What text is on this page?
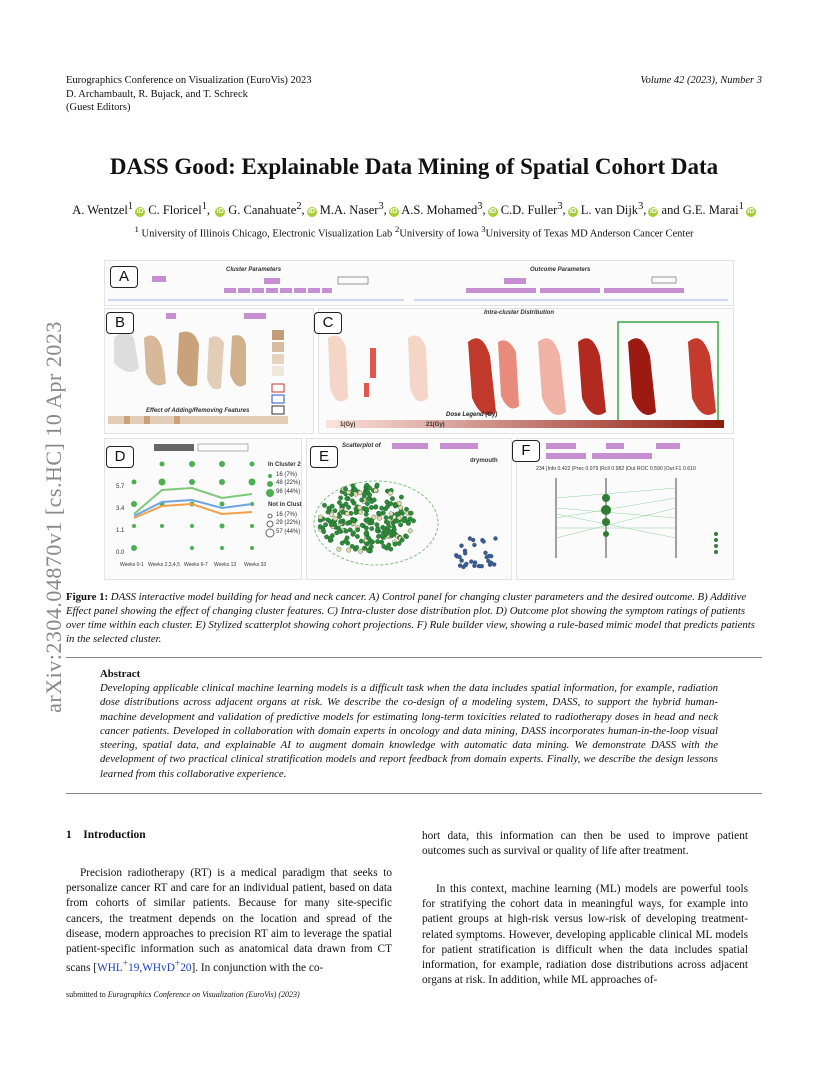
Eurographics Conference on Visualization (EuroVis) 2023
D. Archambault, R. Bujack, and T. Schreck
(Guest Editors)
Volume 42 (2023), Number 3
arXiv:2304.04870v1 [cs.HC] 10 Apr 2023
DASS Good: Explainable Data Mining of Spatial Cohort Data
A. Wentzel$^1$ iD C. Floricel$^1$, iD G. Canahuate$^2$, iD M.A. Naser$^3$, iD A.S. Mohamed$^3$, iD C.D. Fuller$^3$, iD L. van Dijk$^3$, iD and G.E. Marai$^1$ iD
$^1$ University of Illinois Chicago, Electronic Visualization Lab $^2$University of Iowa $^3$University of Texas MD Anderson Cancer Center
Cluster Parameters	Outcome Parameters
Effect of Adding/Removing Features
Intra-cluster Distribution
Dose Legend (Gy)
1(Gy)	21(Gy)
5.7
3.4
1.1
0.0
In Cluster 2
16 (7%)
48 (22%)
96 (44%)
Not in Clust
16 (7%)
29 (22%)
57 (44%)
Weeks 0-1 Weeks 2,3,4,5 Weeks 6-7 Weeks 13 Weeks 33
Scatterplot of
drymouth
234 |Info 0.422 |Prec 0.979 |Rcll 0.982 |Out ROC 0.590 |Out F1 0.610
A
B	C
D	E	F
Figure 1: DASS interactive model building for head and neck cancer. A) Control panel for changing cluster parameters and the desired outcome. B) Additive Effect panel showing the effect of changing cluster features. C) Intra-cluster dose distribution plot. D) Outcome plot showing the symptom ratings of patients over time within each cluster. E) Stylized scatterplot showing cohort projections. F) Rule builder view, showing a rule-based mimic model that predicts patients in the selected cluster.
Abstract
Developing applicable clinical machine learning models is a difficult task when the data includes spatial information, for example, radiation dose distributions across adjacent organs at risk. We describe the co-design of a modeling system, DASS, to support the hybrid human-machine development and validation of predictive models for estimating long-term toxicities related to radiotherapy doses in head and neck cancer patients. Developed in collaboration with domain experts in oncology and data mining, DASS incorporates human-in-the-loop visual steering, spatial data, and explainable AI to augment domain knowledge with automatic data mining. We demonstrate DASS with the development of two practical clinical stratification models and report feedback from domain experts. Finally, we describe the design lessons learned from this collaborative experience.
1 Introduction
Precision radiotherapy (RT) is a medical paradigm that seeks to personalize cancer RT and care for an individual patient, based on data from cohorts of similar patients. Because for many site-specific cancers, the treatment depends on the location and spread of the disease, modern approaches to precision RT aim to leverage the spatial patient-specific information such as anatomical data drawn from CT scans [WHL+19,WHvD+20]. In conjunction with the co-
hort data, this information can then be used to improve patient outcomes such as survival or quality of life after treatment.
In this context, machine learning (ML) models are powerful tools for stratifying the cohort data in meaningful ways, for example into patient groups at high-risk versus low-risk of developing treatment-related symptoms. However, developing applicable clinical ML models for patient stratification is difficult when the data includes spatial information, for example, radiation dose distributions across adjacent organs at risk. In addition, while ML approaches of-
submitted to Eurographics Conference on Visualization (EuroVis) (2023)
